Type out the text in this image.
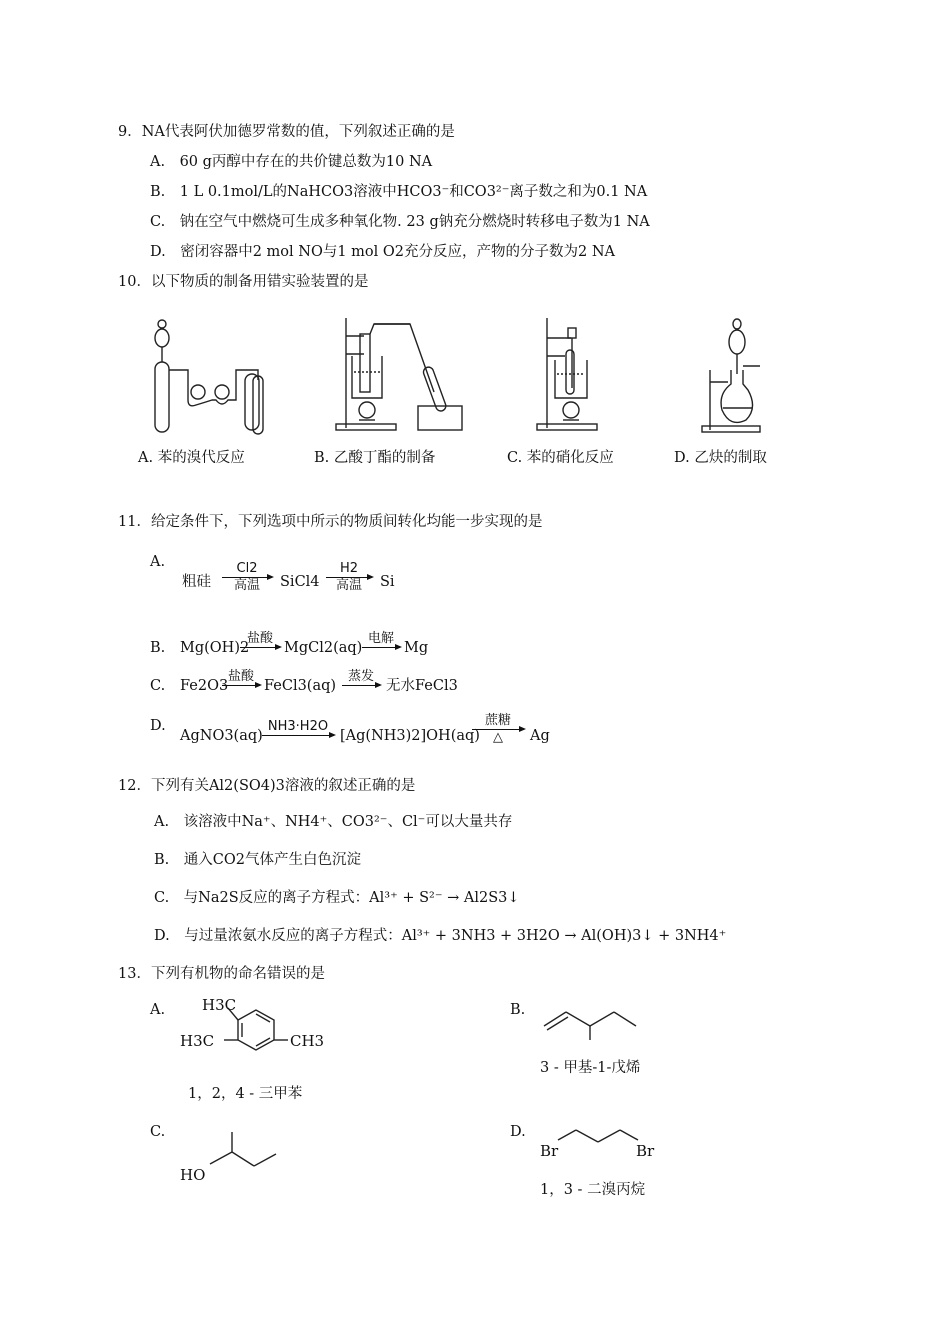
9．NA代表阿伏加德罗常数的值，下列叙述正确的是
A.　60 g丙醇中存在的共价键总数为10 NA
B.　1 L 0.1mol/L的NaHCO3溶液中HCO3⁻和CO3²⁻离子数之和为0.1 NA
C.　钠在空气中燃烧可生成多种氧化物. 23 g钠充分燃烧时转移电子数为1 NA
D.　密闭容器中2 mol NO与1 mol O2充分反应，产物的分子数为2 NA
10．以下物质的制备用错实验装置的是
A. 苯的溴代反应	B. 乙酸丁酯的制备	C. 苯的硝化反应	D. 乙炔的制取
11．给定条件下，下列选项中所示的物质间转化均能一步实现的是
A.
粗硅
Cl2
高温	SiCl4
H2
高温	Si
B. Mg(OH)2
盐酸
MgCl2(aq)
电解
Mg
C. Fe2O3
盐酸
FeCl3(aq)
蒸发
无水FeCl3
D.
AgNO3(aq)
NH3·H2O
[Ag(NH3)2]OH(aq)
蔗糖
△	Ag
12．下列有关Al2(SO4)3溶液的叙述正确的是
A.　该溶液中Na⁺、NH4⁺、CO3²⁻、Cl⁻可以大量共存
B.　通入CO2气体产生白色沉淀
C.　与Na2S反应的离子方程式：Al³⁺ + S²⁻ → Al2S3↓
D.　与过量浓氨水反应的离子方程式：Al³⁺ + 3NH3 + 3H2O → Al(OH)3↓ + 3NH4⁺
13．下列有机物的命名错误的是
A. H3C
H3C	CH3
1，2，4 - 三甲苯
B.
3 - 甲基-1-戊烯
C.
HO
D.
Br	Br
1，3 - 二溴丙烷
